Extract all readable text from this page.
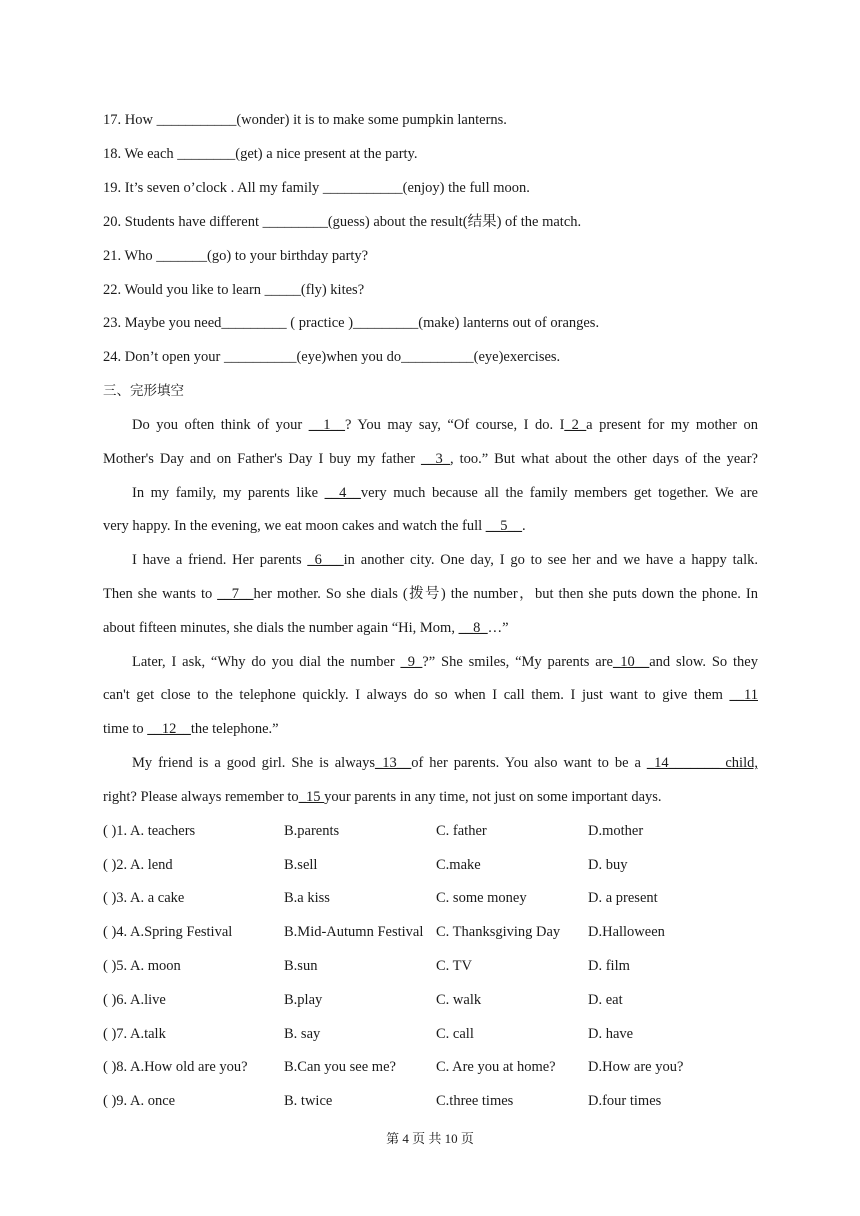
17. How ___________(wonder) it is to make some pumpkin lanterns.
18. We each ________(get) a nice present at the party.
19. It’s seven o’clock . All my family ___________(enjoy) the full moon.
20. Students have different _________(guess) about the result(结果) of the match.
21. Who _______(go) to your birthday party?
22. Would you like to learn _____(fly) kites?
23. Maybe you need_________ ( practice )_________(make) lanterns out of oranges.
24. Don’t open your __________(eye)when you do__________(eye)exercises.
三、完形填空
Do you often think of your __1__? You may say, “Of course, I do. I_2_a present for my mother on
Mother's Day and on Father's Day I buy my father __3_, too.” But what about the other days of the year?
In my family, my parents like __4__very much because all the family members get together. We are
very happy. In the evening, we eat moon cakes and watch the full __5__.
I have a friend. Her parents _6___in another city. One day, I go to see her and we have a happy talk.
Then she wants to __7__her mother. So she dials (拨号) the number，but then she puts down the phone. In
about fifteen minutes, she dials the number again “Hi, Mom, __8_…”
Later, I ask, “Why do you dial the number _9_?” She smiles, “My parents are_10__and slow. So they
can't get close to the telephone quickly. I always do so when I call them. I just want to give them __11
time to __12__the telephone.”
My friend is a good girl. She is always_13__of her parents. You also want to be a _14_______ child,
right? Please always remember to_15 your parents in any time, not just on some important days.
( )1. A. teachers	B.parents	C. father	D.mother
( )2. A. lend	B.sell	C.make	D. buy
( )3. A. a cake	B.a kiss	C. some money	D. a present
( )4. A.Spring Festival	B.Mid-Autumn Festival C. Thanksgiving Day D.Halloween
( )5. A. moon	B.sun	C. TV	D. film
( )6. A.live	B.play	C. walk	D. eat
( )7. A.talk	B. say	C. call	D. have
( )8. A.How old are you?	B.Can you see me?	C. Are you at home? D.How are you?
( )9. A. once	B. twice	C.three times	D.four times
第 4 页 共 10 页
